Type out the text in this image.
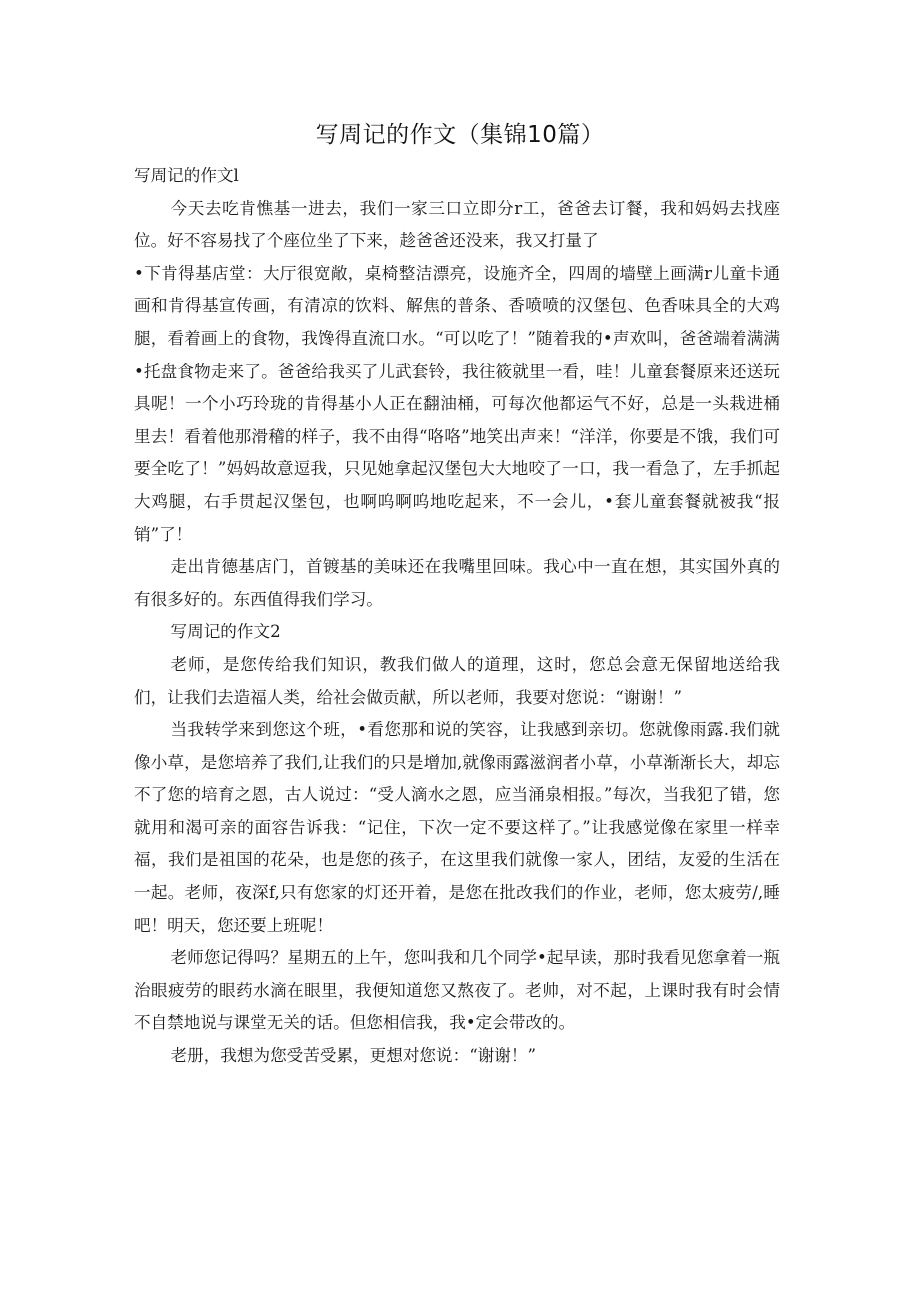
写周记的作文（集锦10篇）

写周记的作文l

今天去吃肯憔基一进去，我们一家三口立即分r工，爸爸去订餐，我和妈妈去找座位。好不容易找了个座位坐了下来，趁爸爸还没来，我又打量了

•下肯得基店堂：大厅很宽敞，桌椅整洁漂亮，设施齐全，四周的墙壁上画满r儿童卡通画和肯得基宣传画，有清凉的饮料、解焦的普条、香喷喷的汉堡包、色香味具全的大鸡腿，看着画上的食物，我馋得直流口水。“可以吃了！”随着我的•声欢叫，爸爸端着满满•托盘食物走来了。爸爸给我买了儿武套铃，我往筱就里一看，哇！儿童套餐原来还送玩具呢！一个小巧玲珑的肯得基小人正在翻油桶，可每次他都运气不好，总是一头栽进桶里去！看着他那滑稽的样子，我不由得“咯咯”地笑出声来！“洋洋，你要是不饿，我们可要全吃了！”妈妈故意逗我，只见她拿起汉堡包大大地咬了一口，我一看急了，左手抓起大鸡腿，右手贯起汉堡包，也啊呜啊呜地吃起来，不一会儿，•套儿童套餐就被我“报销”了！

走出肯德基店门，首镀基的美味还在我嘴里回味。我心中一直在想，其实国外真的有很多好的。东西值得我们学习。

写周记的作文2

老师，是您传给我们知识，教我们做人的道理，这时，您总会意无保留地送给我们，让我们去造福人类，给社会做贡献，所以老师，我要对您说：“谢谢！”

当我转学来到您这个班，•看您那和说的笑容，让我感到亲切。您就像雨露.我们就像小草，是您培养了我们,让我们的只是增加,就像雨露滋润者小草，小草渐渐长大，却忘不了您的培育之恩，古人说过：“受人滴水之恩，应当涌泉相报。”每次，当我犯了错，您就用和渴可亲的面容告诉我：“记住，下次一定不要这样了。”让我感觉像在家里一样幸福，我们是祖国的花朵，也是您的孩子，在这里我们就像一家人，团结，友爱的生活在一起。老师，夜深f,只有您家的灯还开着，是您在批改我们的作业，老师，您太疲劳/,睡吧！明天，您还要上班呢！

老师您记得吗？星期五的上午，您叫我和几个同学•起早读，那时我看见您拿着一瓶治眼疲劳的眼药水滴在眼里，我便知道您又熬夜了。老帅，对不起，上课时我有时会情不自禁地说与课堂无关的话。但您相信我，我•定会带改的。

老册，我想为您受苦受累，更想对您说：“谢谢！”
